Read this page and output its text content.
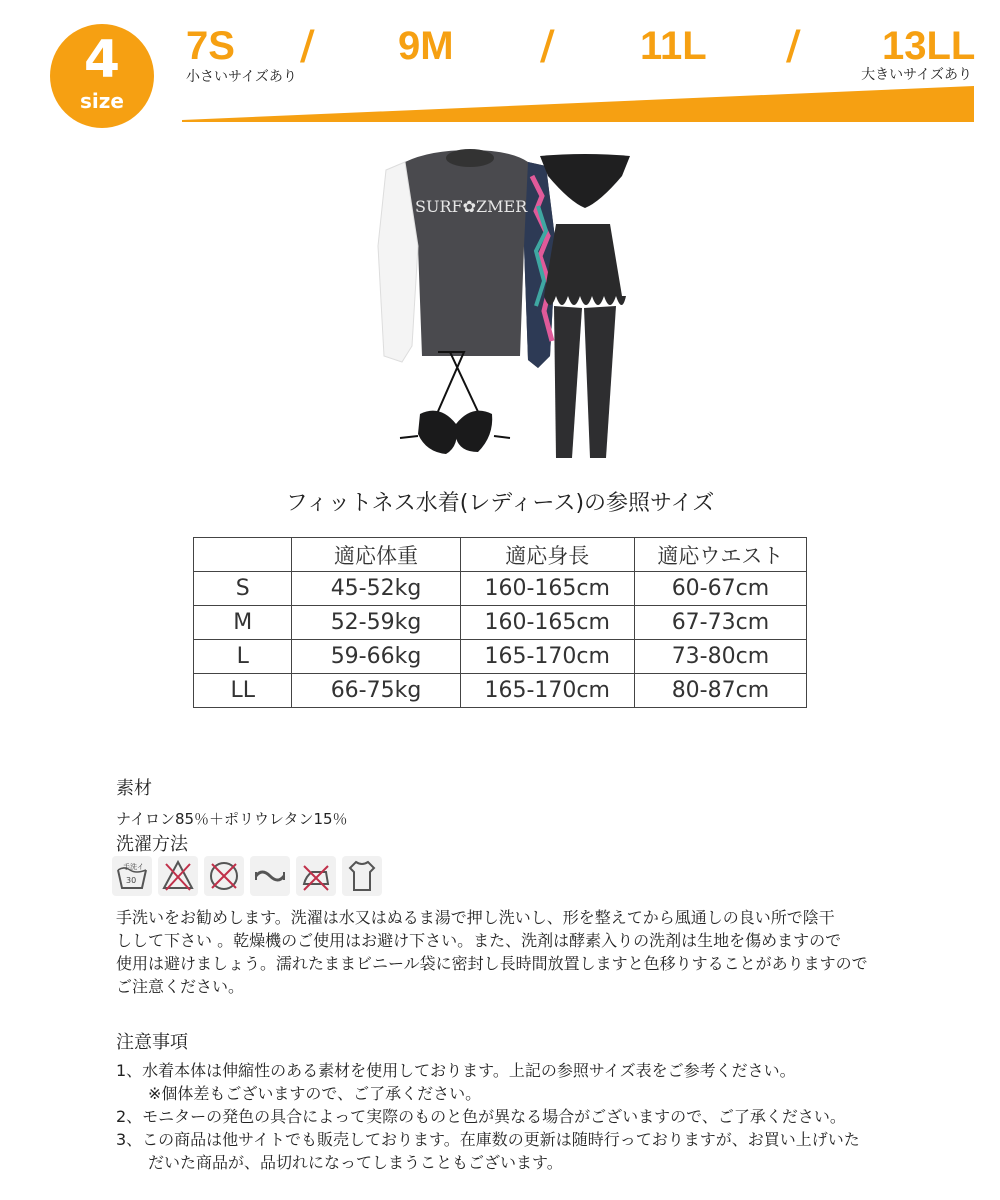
4
size
7S / 9M / 11L / 13LL
小さいサイズあり	大きいサイズあり
SURF✿ZMER
フィットネス水着(レディース)の参照サイズ
	適応体重	適応身長	適応ウエスト
S	45-52kg	160-165cm	60-67cm
M	52-59kg	160-165cm	67-73cm
L	59-66kg	165-170cm	73-80cm
LL	66-75kg	165-170cm	80-87cm
素材
ナイロン85％＋ポリウレタン15％
洗濯方法
手洗イ
30
手洗いをお勧めします。洗濯は水又はぬるま湯で押し洗いし、形を整えてから風通しの良い所で陰干
しして下さい 。乾燥機のご使用はお避け下さい。また、洗剤は酵素入りの洗剤は生地を傷めますので
使用は避けましょう。濡れたままビニール袋に密封し長時間放置しますと色移りすることがありますので
ご注意ください。
注意事項
1、水着本体は伸縮性のある素材を使用しております。上記の参照サイズ表をご参考ください。
　　※個体差もございますので、ご了承ください。
2、モニターの発色の具合によって実際のものと色が異なる場合がございますので、ご了承ください。
3、この商品は他サイトでも販売しております。在庫数の更新は随時行っておりますが、お買い上げいた
　　だいた商品が、品切れになってしまうこともございます。
